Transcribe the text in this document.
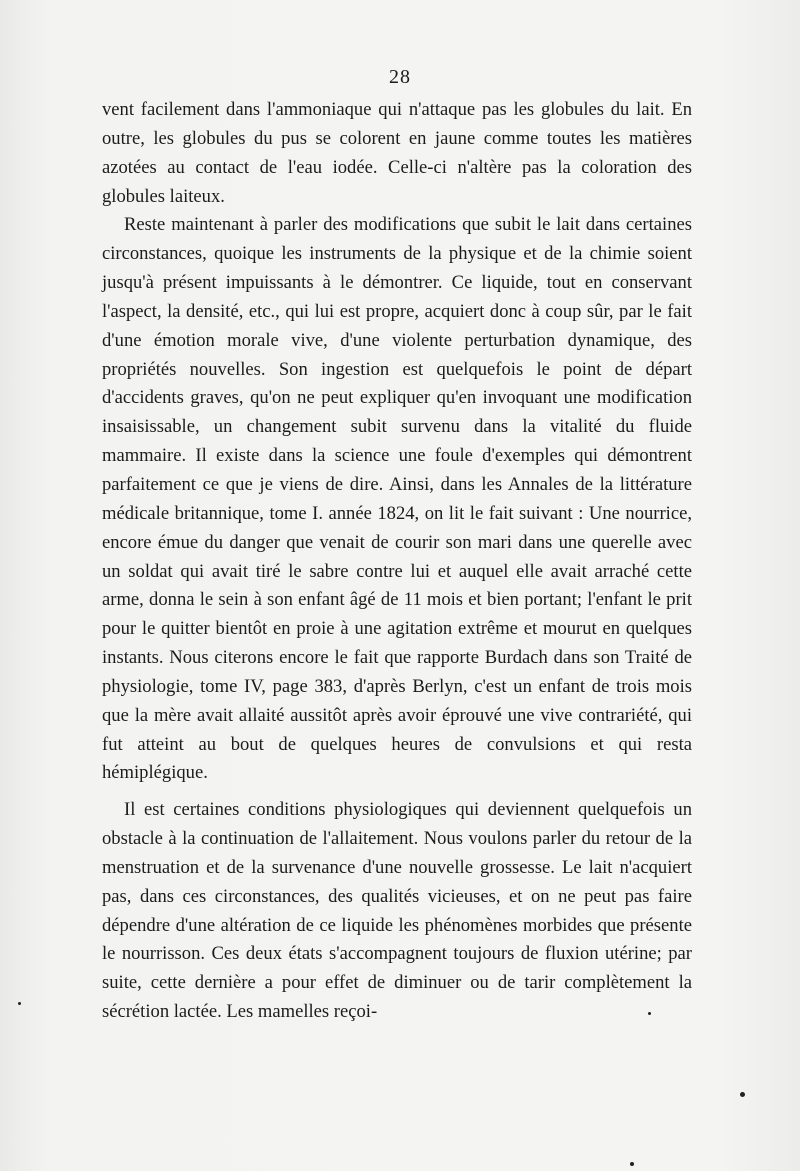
28

vent facilement dans l'ammoniaque qui n'attaque pas les globules du lait. En outre, les globules du pus se colorent en jaune comme toutes les matières azotées au contact de l'eau iodée. Celle-ci n'altère pas la coloration des globules laiteux.

Reste maintenant à parler des modifications que subit le lait dans certaines circonstances, quoique les instruments de la physique et de la chimie soient jusqu'à présent impuissants à le démontrer. Ce liquide, tout en conservant l'aspect, la densité, etc., qui lui est propre, acquiert donc à coup sûr, par le fait d'une émotion morale vive, d'une violente perturbation dynamique, des propriétés nouvelles. Son ingestion est quelquefois le point de départ d'accidents graves, qu'on ne peut expliquer qu'en invoquant une modification insaisissable, un changement subit survenu dans la vitalité du fluide mammaire. Il existe dans la science une foule d'exemples qui démontrent parfaitement ce que je viens de dire. Ainsi, dans les Annales de la littérature médicale britannique, tome I. année 1824, on lit le fait suivant : Une nourrice, encore émue du danger que venait de courir son mari dans une querelle avec un soldat qui avait tiré le sabre contre lui et auquel elle avait arraché cette arme, donna le sein à son enfant âgé de 11 mois et bien portant; l'enfant le prit pour le quitter bientôt en proie à une agitation extrême et mourut en quelques instants. Nous citerons encore le fait que rapporte Burdach dans son Traité de physiologie, tome IV, page 383, d'après Berlyn, c'est un enfant de trois mois que la mère avait allaité aussitôt après avoir éprouvé une vive contrariété, qui fut atteint au bout de quelques heures de convulsions et qui resta hémiplégique.

Il est certaines conditions physiologiques qui deviennent quelquefois un obstacle à la continuation de l'allaitement. Nous voulons parler du retour de la menstruation et de la survenance d'une nouvelle grossesse. Le lait n'acquiert pas, dans ces circonstances, des qualités vicieuses, et on ne peut pas faire dépendre d'une altération de ce liquide les phénomènes morbides que présente le nourrisson. Ces deux états s'accompagnent toujours de fluxion utérine; par suite, cette dernière a pour effet de diminuer ou de tarir complètement la sécrétion lactée. Les mamelles reçoi-
